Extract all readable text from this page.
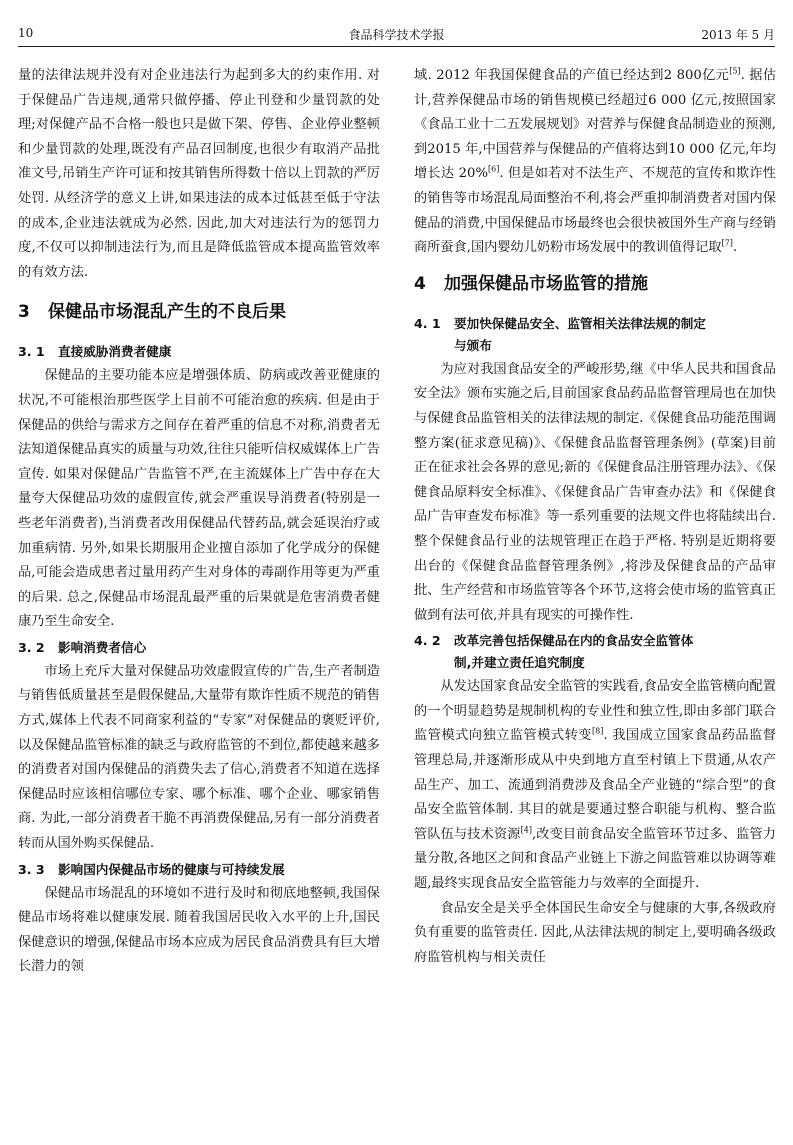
10	食品科学技术学报	2013 年 5 月

量的法律法规并没有对企业违法行为起到多大的约束作用. 对于保健品广告违规,通常只做停播、停止刊登和少量罚款的处理;对保健产品不合格一般也只是做下架、停售、企业停业整顿和少量罚款的处理,既没有产品召回制度,也很少有取消产品批准文号,吊销生产许可证和按其销售所得数十倍以上罚款的严厉处罚. 从经济学的意义上讲,如果违法的成本过低甚至低于守法的成本,企业违法就成为必然. 因此,加大对违法行为的惩罚力度,不仅可以抑制违法行为,而且是降低监管成本提高监管效率的有效方法.

3 保健品市场混乱产生的不良后果
3. 1 直接威胁消费者健康

保健品的主要功能本应是增强体质、防病或改善亚健康的状况,不可能根治那些医学上目前不可能治愈的疾病. 但是由于保健品的供给与需求方之间存在着严重的信息不对称,消费者无法知道保健品真实的质量与功效,往往只能听信权威媒体上广告宣传. 如果对保健品广告监管不严,在主流媒体上广告中存在大量夸大保健品功效的虚假宣传,就会严重误导消费者(特别是一些老年消费者),当消费者改用保健品代替药品,就会延误治疗或加重病情. 另外,如果长期服用企业擅自添加了化学成分的保健品,可能会造成患者过量用药产生对身体的毒副作用等更为严重的后果. 总之,保健品市场混乱最严重的后果就是危害消费者健康乃至生命安全.

3. 2 影响消费者信心

市场上充斥大量对保健品功效虚假宣传的广告,生产者制造与销售低质量甚至是假保健品,大量带有欺诈性质不规范的销售方式,媒体上代表不同商家利益的“专家”对保健品的褒贬评价,以及保健品监管标准的缺乏与政府监管的不到位,都使越来越多的消费者对国内保健品的消费失去了信心,消费者不知道在选择保健品时应该相信哪位专家、哪个标准、哪个企业、哪家销售商. 为此,一部分消费者干脆不再消费保健品,另有一部分消费者转而从国外购买保健品.

3. 3 影响国内保健品市场的健康与可持续发展

保健品市场混乱的环境如不进行及时和彻底地整顿,我国保健品市场将难以健康发展. 随着我国居民收入水平的上升,国民保健意识的增强,保健品市场本应成为居民食品消费具有巨大增长潜力的领

域. 2012 年我国保健食品的产值已经达到2 800亿元[5]. 据估计,营养保健品市场的销售规模已经超过6 000 亿元,按照国家《食品工业十二五发展规划》对营养与保健食品制造业的预测,到2015 年,中国营养与保健品的产值将达到10 000 亿元,年均增长达 20%[6]. 但是如若对不法生产、不规范的宣传和欺诈性的销售等市场混乱局面整治不利,将会严重抑制消费者对国内保健品的消费,中国保健品市场最终也会很快被国外生产商与经销商所蚕食,国内婴幼儿奶粉市场发展中的教训值得记取[7].

4 加强保健品市场监管的措施
4. 1 要加快保健品安全、监管相关法律法规的制定
与颁布

为应对我国食品安全的严峻形势,继《中华人民共和国食品安全法》颁布实施之后,目前国家食品药品监督管理局也在加快与保健食品监管相关的法律法规的制定.《保健食品功能范围调整方案(征求意见稿)》、《保健食品监督管理条例》(草案)目前正在征求社会各界的意见;新的《保健食品注册管理办法》、《保健食品原料安全标准》、《保健食品广告审查办法》和《保健食品广告审查发布标准》等一系列重要的法规文件也将陆续出台. 整个保健食品行业的法规管理正在趋于严格. 特别是近期将要出台的《保健食品监督管理条例》,将涉及保健食品的产品审批、生产经营和市场监管等各个环节,这将会使市场的监管真正做到有法可依,并具有现实的可操作性.

4. 2 改革完善包括保健品在内的食品安全监管体
制,并建立责任追究制度

从发达国家食品安全监管的实践看,食品安全监管横向配置的一个明显趋势是规制机构的专业性和独立性,即由多部门联合监管模式向独立监管模式转变[8]. 我国成立国家食品药品监督管理总局,并逐渐形成从中央到地方直至村镇上下贯通,从农产品生产、加工、流通到消费涉及食品全产业链的“综合型”的食品安全监管体制. 其目的就是要通过整合职能与机构、整合监管队伍与技术资源[4],改变目前食品安全监管环节过多、监管力量分散,各地区之间和食品产业链上下游之间监管难以协调等难题,最终实现食品安全监管能力与效率的全面提升.

食品安全是关乎全体国民生命安全与健康的大事,各级政府负有重要的监管责任. 因此,从法律法规的制定上,要明确各级政府监管机构与相关责任
